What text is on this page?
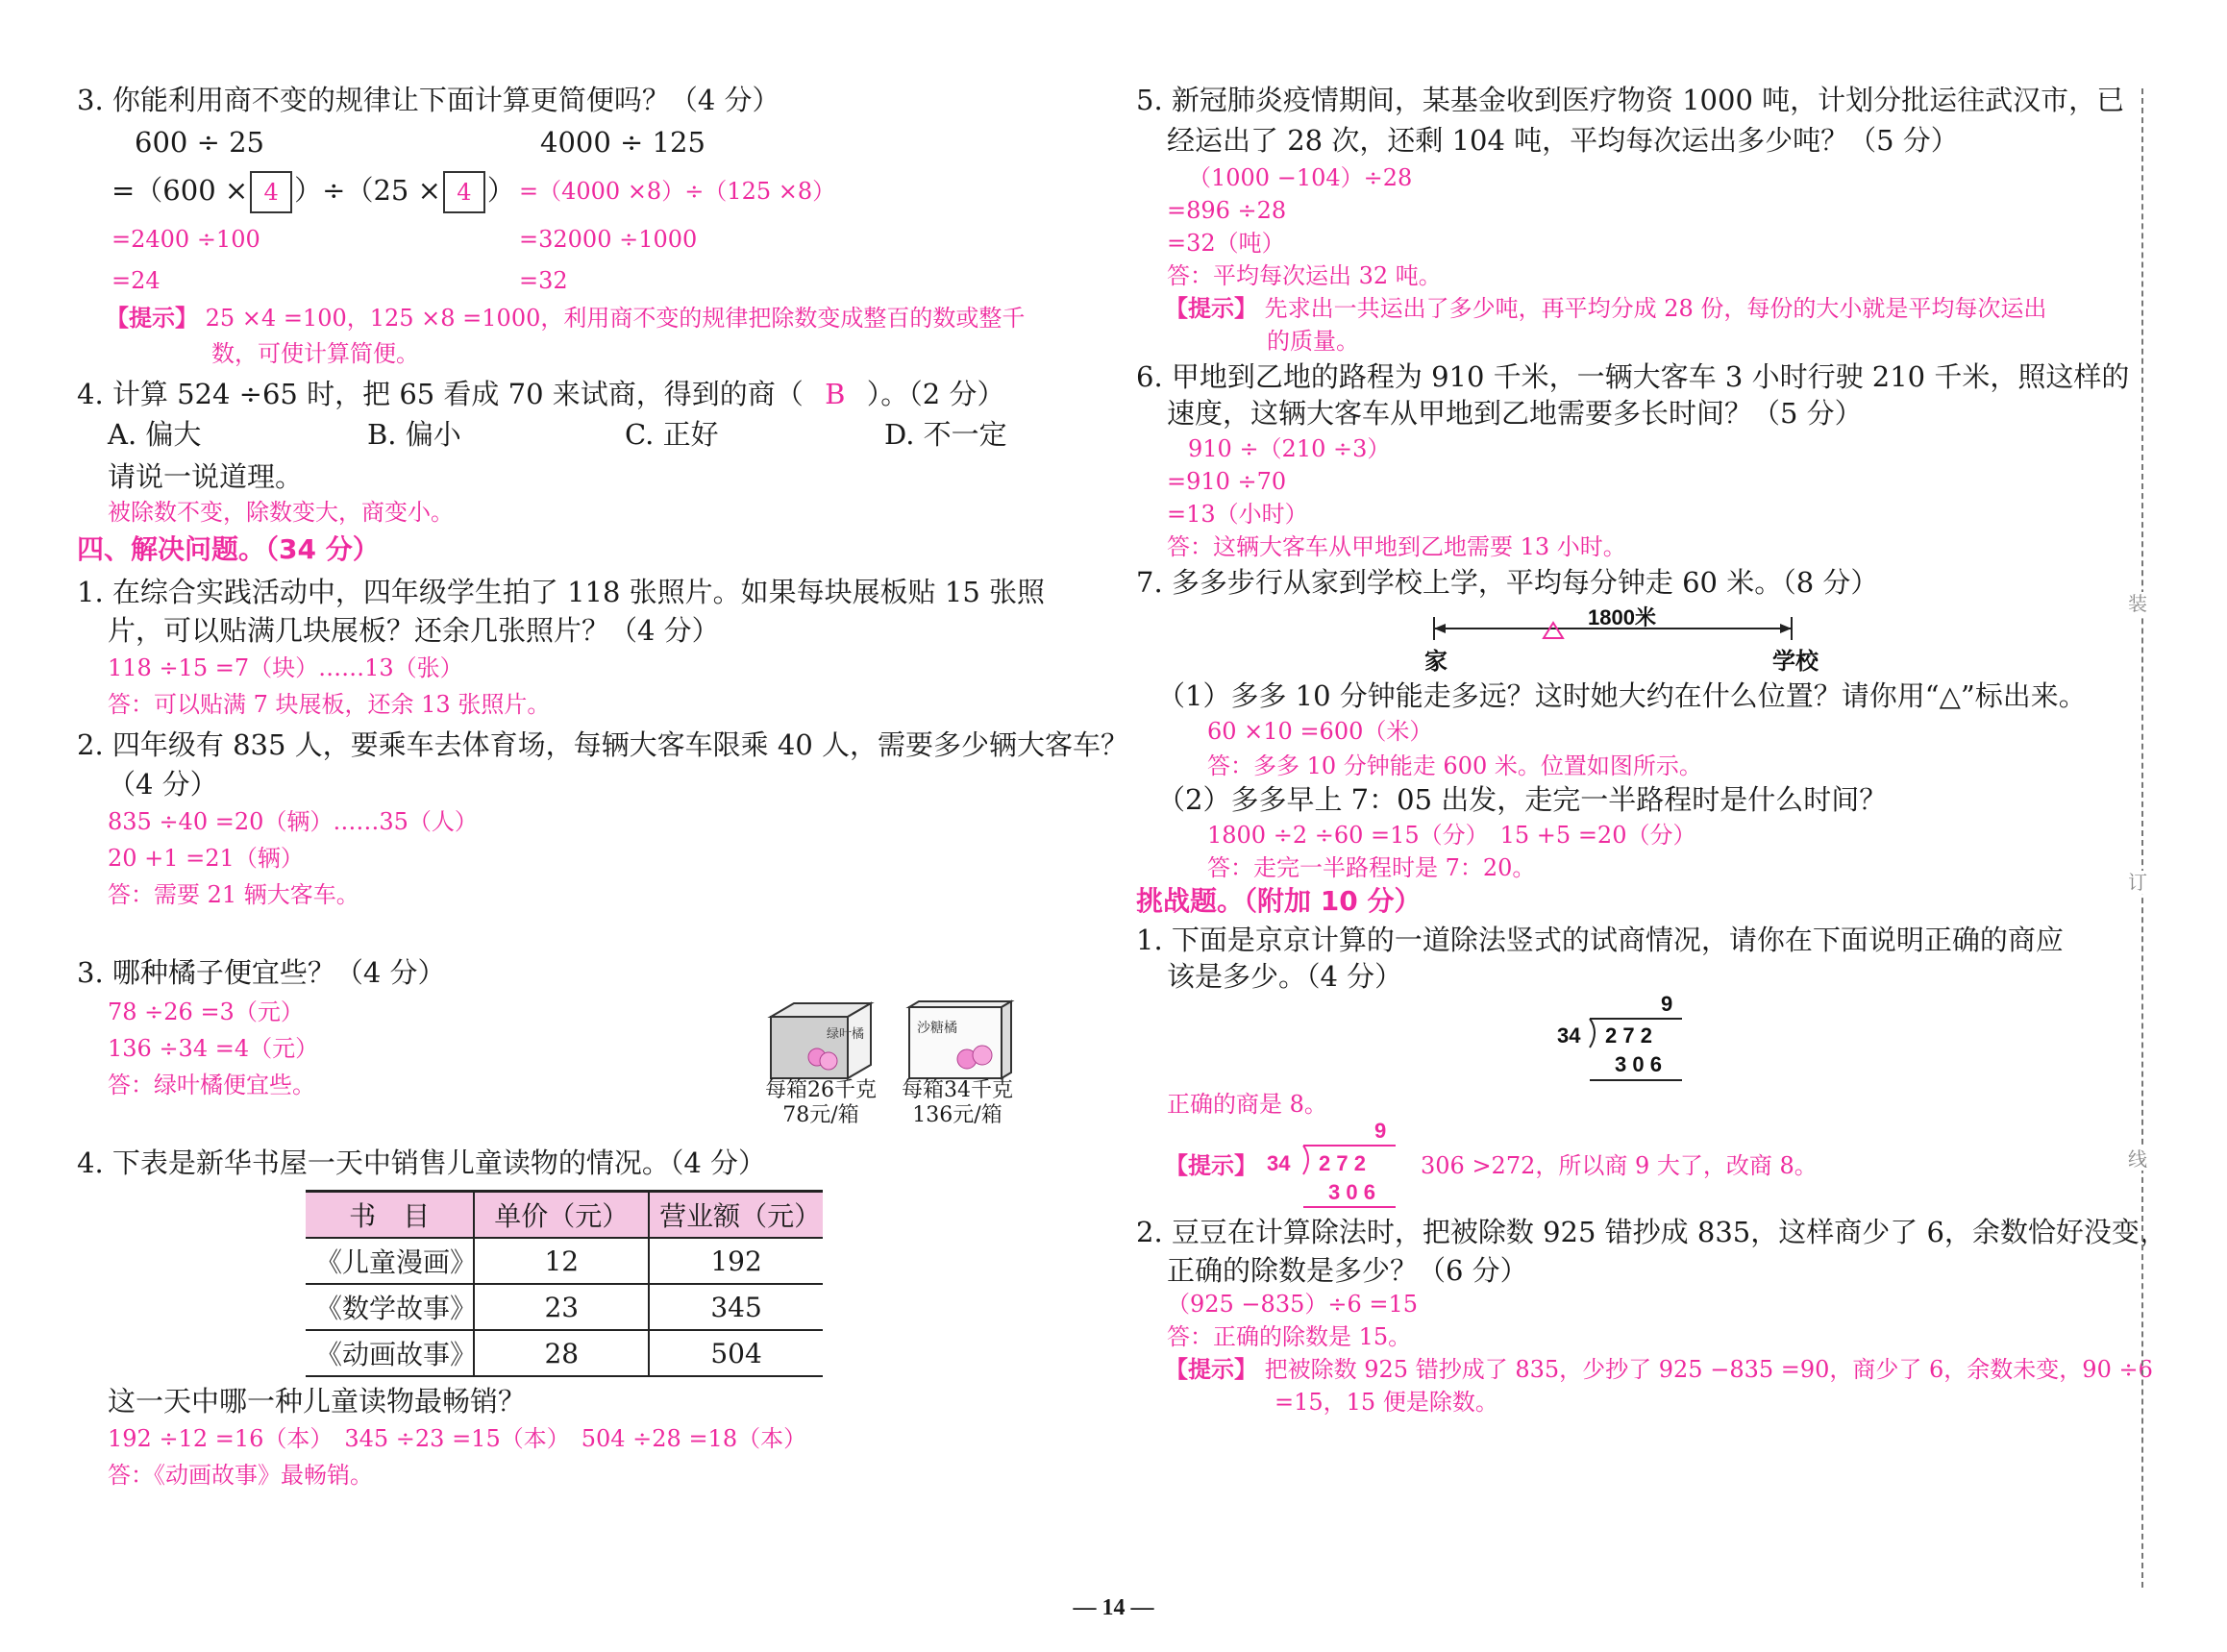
3. 你能利用商不变的规律让下面计算更简便吗？（4 分）
600 ÷ 25	4000 ÷ 125
=（600 × 4 ）÷（25 × 4 ） =（4000 ×8）÷（125 ×8）
=2400 ÷100	=32000 ÷1000
=24	=32
【提示】 25 ×4 =100，125 ×8 =1000，利用商不变的规律把除数变成整百的数或整千
数，可使计算简便。
4. 计算 524 ÷65 时，把 65 看成 70 来试商，得到的商（ B ）。（2 分）
A. 偏大	B. 偏小	C. 正好	D. 不一定
请说一说道理。
被除数不变，除数变大，商变小。
四、解决问题。（34 分）
1. 在综合实践活动中，四年级学生拍了 118 张照片。如果每块展板贴 15 张照
片，可以贴满几块展板？还余几张照片？（4 分）
118 ÷15 =7（块）……13（张）
答：可以贴满 7 块展板，还余 13 张照片。
2. 四年级有 835 人，要乘车去体育场，每辆大客车限乘 40 人，需要多少辆大客车？
（4 分）
835 ÷40 =20（辆）……35（人）
20 +1 =21（辆）
答：需要 21 辆大客车。
3. 哪种橘子便宜些？（4 分）
78 ÷26 =3（元）
136 ÷34 =4（元）
答：绿叶橘便宜些。
绿叶橘	沙糖橘
每箱26千克
78元/箱
每箱34千克
136元/箱
4. 下表是新华书屋一天中销售儿童读物的情况。（4 分）
书　目	单价（元）	营业额（元）
《儿童漫画》	12	192
《数学故事》	23	345
《动画故事》	28	504
这一天中哪一种儿童读物最畅销？
192 ÷12 =16（本）　345 ÷23 =15（本）　504 ÷28 =18（本）
答：《动画故事》最畅销。
5. 新冠肺炎疫情期间，某基金收到医疗物资 1000 吨，计划分批运往武汉市，已
经运出了 28 次，还剩 104 吨，平均每次运出多少吨？（5 分）
（1000 −104）÷28
=896 ÷28
=32（吨）
答：平均每次运出 32 吨。
【提示】 先求出一共运出了多少吨，再平均分成 28 份，每份的大小就是平均每次运出
的质量。
6. 甲地到乙地的路程为 910 千米，一辆大客车 3 小时行驶 210 千米，照这样的
速度，这辆大客车从甲地到乙地需要多长时间？（5 分）
910 ÷（210 ÷3）
=910 ÷70
=13（小时）
答：这辆大客车从甲地到乙地需要 13 小时。
7. 多多步行从家到学校上学，平均每分钟走 60 米。（8 分）
1800米
家	学校
（1）多多 10 分钟能走多远？这时她大约在什么位置？请你用“△”标出来。
60 ×10 =600（米）
答：多多 10 分钟能走 600 米。位置如图所示。
（2）多多早上 7：05 出发，走完一半路程时是什么时间？
1800 ÷2 ÷60 =15（分）　15 +5 =20（分）
答：走完一半路程时是 7：20。
挑战题。（附加 10 分）
1. 下面是京京计算的一道除法竖式的试商情况，请你在下面说明正确的商应
该是多少。（4 分）
9
34 2 7 2
3 0 6
正确的商是 8。
【提示】
9
34 2 7 2
3 0 6
306 >272，所以商 9 大了，改商 8。
2. 豆豆在计算除法时，把被除数 925 错抄成 835，这样商少了 6，余数恰好没变，
正确的除数是多少？（6 分）
（925 −835）÷6 =15
答：正确的除数是 15。
【提示】 把被除数 925 错抄成了 835，少抄了 925 −835 =90，商少了 6，余数未变，90 ÷6
=15，15 便是除数。
装
订
线
— 14 —
